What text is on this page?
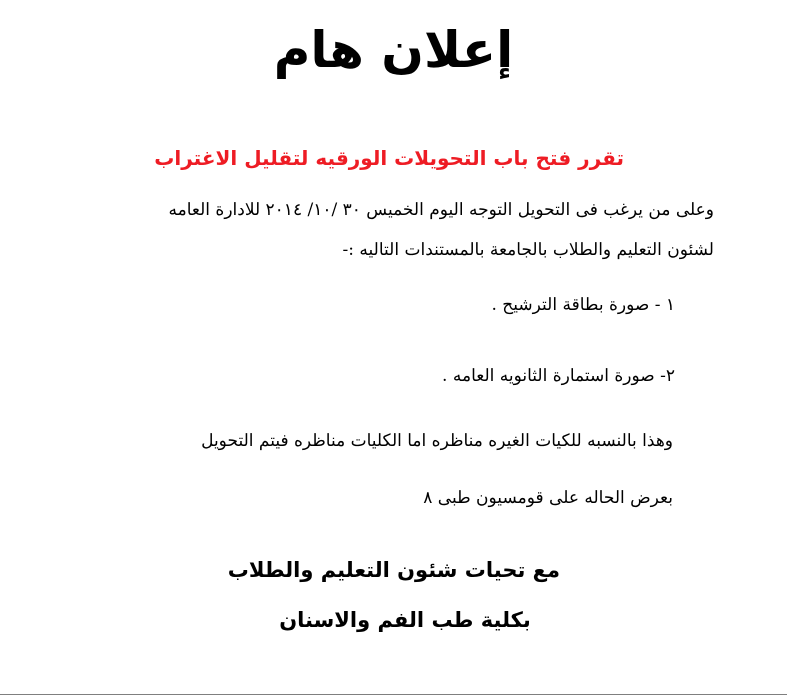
إعلان هام
تقرر فتح باب التحويلات الورقيه لتقليل الاغتراب
وعلى من يرغب فى التحويل التوجه اليوم الخميس ٣٠ /١٠/ ٢٠١٤ للادارة العامه
لشئون التعليم والطلاب بالجامعة بالمستندات التاليه :-
١ - صورة بطاقة الترشيح .
٢- صورة استمارة الثانويه العامه .
وهذا بالنسبه للكيات الغيره مناظره اما الكليات مناظره فيتم التحويل
بعرض الحاله على قومسيون طبى ٨
مع تحيات شئون التعليم والطلاب
بكلية طب الفم والاسنان
